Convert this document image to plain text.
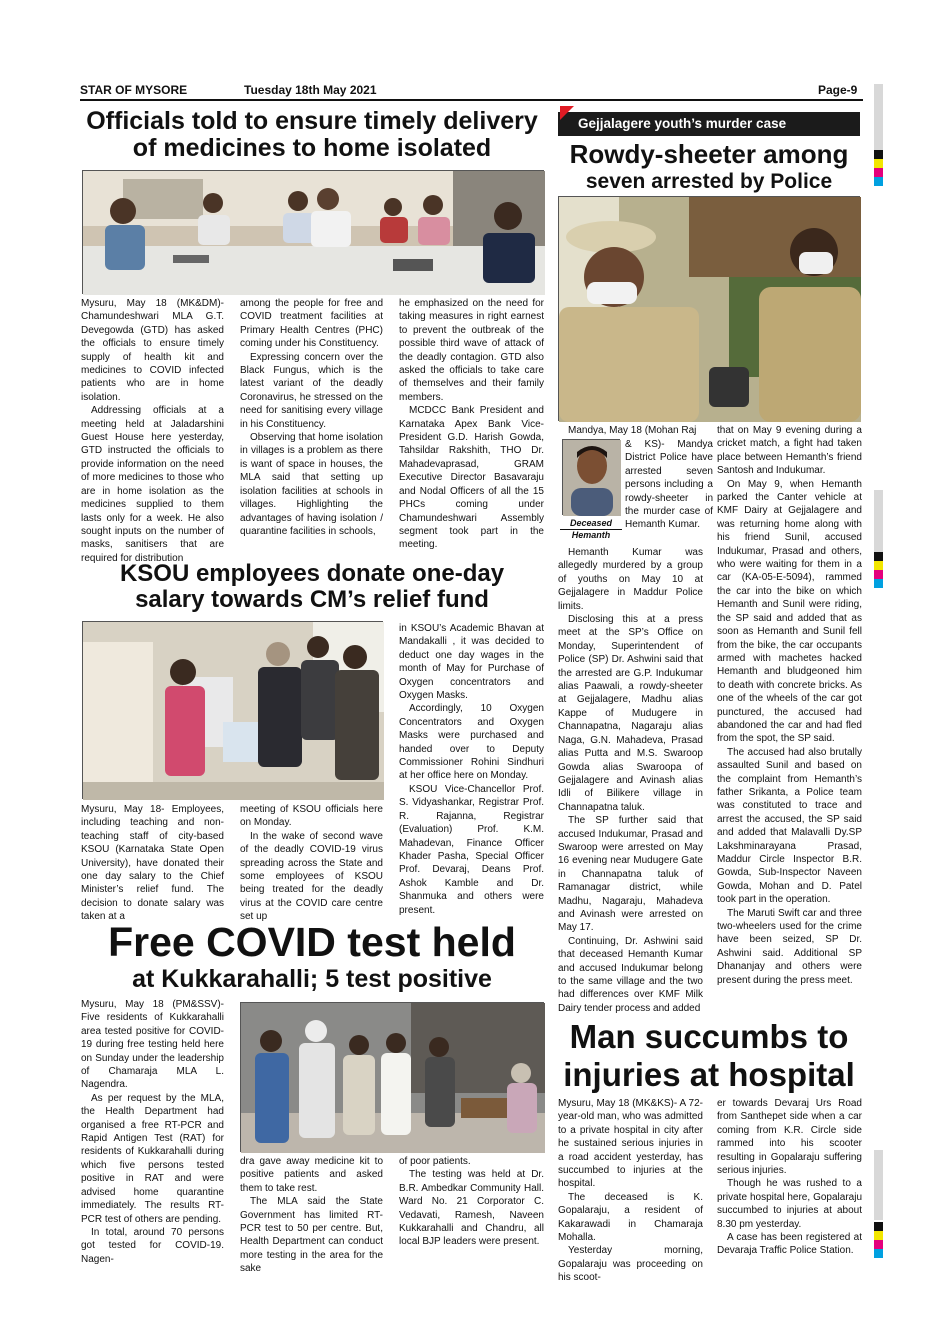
STAR OF MYSORE	Tuesday 18th May 2021	Page-9
Officials told to ensure timely delivery
of medicines to home isolated

Mysuru, May 18 (MK&DM)- Chamundeshwari MLA G.T. Devegowda (GTD) has asked the officials to ensure timely supply of health kit and medicines to COVID infected patients who are in home isolation.

Addressing officials at a meeting held at Jaladarshini Guest House here yesterday, GTD instructed the officials to provide information on the need of more medicines to those who are in home isolation as the medicines supplied to them lasts only for a week. He also sought inputs on the number of masks, sanitisers that are required for distribution

among the people for free and COVID treatment facilities at Primary Health Centres (PHC) coming under his Constituency.

Expressing concern over the Black Fungus, which is the latest variant of the deadly Coronavirus, he stressed on the need for sanitising every village in his Constituency.

Observing that home isolation in villages is a problem as there is want of space in houses, the MLA said that setting up isolation facilities at schools in villages. Highlighting the advantages of having isolation / quarantine facilities in schools,

he emphasized on the need for taking measures in right earnest to prevent the outbreak of the possible third wave of attack of the deadly contagion. GTD also asked the officials to take care of themselves and their family members.

MCDCC Bank President and Karnataka Apex Bank Vice-President G.D. Harish Gowda, Tahsildar Rakshith, THO Dr. Mahadevaprasad, GRAM Executive Director Basavaraju and Nodal Officers of all the 15 PHCs coming under Chamundeshwari Assembly segment took part in the meeting.

KSOU employees donate one-day
salary towards CM’s relief fund

Mysuru, May 18- Employees, including teaching and non-teaching staff of city-based KSOU (Karnataka State Open University), have donated their one day salary to the Chief Minister’s relief fund. The decision to donate salary was taken at a

meeting of KSOU officials here on Monday.

In the wake of second wave of the deadly COVID-19 virus spreading across the State and some employees of KSOU being treated for the deadly virus at the COVID care centre set up

in KSOU’s Academic Bhavan at Mandakalli , it was decided to deduct one day wages in the month of May for Purchase of Oxygen concentrators and Oxygen Masks.

Accordingly, 10 Oxygen Concentrators and Oxygen Masks were purchased and handed over to Deputy Commissioner Rohini Sindhuri at her office here on Monday.

KSOU Vice-Chancellor Prof. S. Vidyashankar, Registrar Prof. R. Rajanna, Registrar (Evaluation) Prof. K.M. Mahadevan, Finance Officer Khader Pasha, Special Officer Prof. Devaraj, Deans Prof. Ashok Kamble and Dr. Shanmuka and others were present.

Free COVID test held
at Kukkarahalli; 5 test positive

Mysuru, May 18 (PM&SSV)- Five residents of Kukkarahalli area tested positive for COVID-19 during free testing held here on Sunday under the leadership of Chamaraja MLA L. Nagendra.

As per request by the MLA, the Health Department had organised a free RT-PCR and Rapid Antigen Test (RAT) for residents of Kukkarahalli during which five persons tested positive in RAT and were advised home quarantine immediately. The results RT-PCR test of others are pending.

In total, around 70 persons got tested for COVID-19. Nagen-

dra gave away medicine kit to positive patients and asked them to take rest.

The MLA said the State Government has limited RT-PCR test to 50 per centre. But, Health Department can conduct more testing in the area for the sake

of poor patients.

The testing was held at Dr. B.R. Ambedkar Community Hall. Ward No. 21 Corporator C. Vedavati, Ramesh, Naveen Kukkarahalli and Chandru, all local BJP leaders were present.

Gejjalagere youth’s murder case
Rowdy-sheeter among
seven arrested by Police

Mandya, May 18 (Mohan Raj

Deceased
Hemanth

& KS)- Mandya District Police have arrested seven persons including a rowdy-sheeter in the murder case of Hemanth Kumar.

Hemanth Kumar was allegedly murdered by a group of youths on May 10 at Gejjalagere in Maddur Police limits.

Disclosing this at a press meet at the SP’s Office on Monday, Superintendent of Police (SP) Dr. Ashwini said that the arrested are G.P. Indukumar alias Paawali, a rowdy-sheeter at Gejjalagere, Madhu alias Kappe of Mudugere in Channapatna, Nagaraju alias Naga, G.N. Mahadeva, Prasad alias Putta and M.S. Swaroop Gowda alias Swaroopa of Gejjalagere and Avinash alias Idli of Bilikere village in Channapatna taluk.

The SP further said that accused Indukumar, Prasad and Swaroop were arrested on May 16 evening near Mudugere Gate in Channapatna taluk of Ramanagar district, while Madhu, Nagaraju, Mahadeva and Avinash were arrested on May 17.

Continuing, Dr. Ashwini said that deceased Hemanth Kumar and accused Indukumar belong to the same village and the two had differences over KMF Milk Dairy tender process and added

that on May 9 evening during a cricket match, a fight had taken place between Hemanth’s friend Santosh and Indukumar.

On May 9, when Hemanth parked the Canter vehicle at KMF Dairy at Gejjalagere and was returning home along with his friend Sunil, accused Indukumar, Prasad and others, who were waiting for them in a car (KA-05-E-5094), rammed the car into the bike on which Hemanth and Sunil were riding, the SP said and added that as soon as Hemanth and Sunil fell from the bike, the car occupants armed with machetes hacked Hemanth and bludgeoned him to death with concrete bricks. As one of the wheels of the car got punctured, the accused had abandoned the car and had fled from the spot, the SP said.

The accused had also brutally assaulted Sunil and based on the complaint from Hemanth’s father Srikanta, a Police team was constituted to trace and arrest the accused, the SP said and added that Malavalli Dy.SP Lakshminarayana Prasad, Maddur Circle Inspector B.R. Gowda, Sub-Inspector Naveen Gowda, Mohan and D. Patel took part in the operation.

The Maruti Swift car and three two-wheelers used for the crime have been seized, SP Dr. Ashwini said. Additional SP Dhananjay and others were present during the press meet.

Man succumbs to
injuries at hospital

Mysuru, May 18 (MK&KS)- A 72-year-old man, who was admitted to a private hospital in city after he sustained serious injuries in a road accident yesterday, has succumbed to injuries at the hospital.

The deceased is K. Gopalaraju, a resident of Kakarawadi in Chamaraja Mohalla.

Yesterday morning, Gopalaraju was proceeding on his scoot-

er towards Devaraj Urs Road from Santhepet side when a car coming from K.R. Circle side rammed into his scooter resulting in Gopalaraju suffering serious injuries.

Though he was rushed to a private hospital here, Gopalaraju succumbed to injuries at about 8.30 pm yesterday.

A case has been registered at Devaraja Traffic Police Station.
